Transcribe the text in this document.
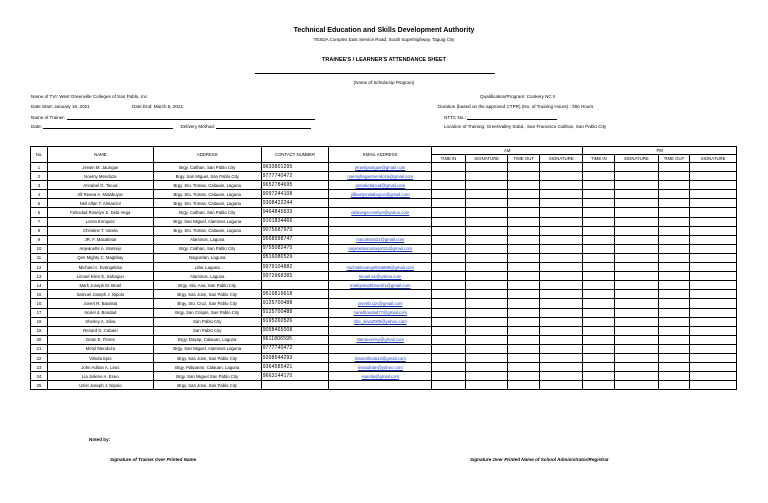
Technical Education and Skills Development Authority
TESDA Complex East Service Road, South Superhighway, Taguig City
TRAINEE'S / LEARNER'S ATTENDANCE SHEET
(Name of Scholarsip Program)
Name of TVI: West Greenville Colleges of San Pablo, Inc.
Date Start: January 19, 2021	Date End: March 5, 2021
Name of Trainer:
Date:	Delivery Method:
Qualification/Program: Cookery NC II
Duration (based on the approved CTPR) (No. of Training Hours) : 360 Hours
NTTC No.:
Location of Training: Greenvalley Subd., San Francisco Calihan, San Pablo City
No.	NAME	ADDRESS	CONTACT NUMBER	EMAIL ADDRESS	AM				PM			
					TIME IN	SIGNATURE	TIME OUT	SIGNATURE	TIME IN	SIGNATURE	TIME OUT	SIGNATURE
1	Jerwin M. Jaurigue	Brgy. Calihan, San Pablo City	9633801295	jerwinjaurigue@gmail.com								
2	Noemy Mendoza	Brgy. San Miguel, San Pablo City	9777740472	noemyllagasmendoza@gmail.com								
3	Annabel G. Tacud	Brgy. Sto. Tomas, Calauan, Laguna	9652784695	annabeltacud@gmail.com								
4	Jill Reana A. Malabuyoc	Brgy. Sto. Tomas, Calauan, Laguna	9097244108	jillbastymalabuyoc@gmail.com								
5	Neil Allan T. Almanzor	Brgy. Sto. Tomas, Calauan, Laguna	9308422244									
6	Felicidad Roselyn S. Dela Vega	Brgy. Calihan, San Pablo City	9464845633	delavega-roselyn@yahoo.com								
7	Lorna Enriquez	Brgy. San Miguel, Alaminos Laguna	9101834466									
8	Christine T. Varela	Brgy. Sto. Tomas, Calauan, Laguna	9075687970									
9	JR. F. Macalintal	Alaminos, Laguna	9568998747	macalintal21@gmail.com								
10	Anjeanette A. Montejo	Brgy. Calihan, San Pablo City	9755082470	anjanettemontejo011@gmail.com								
11	Qen Mighty C. Magtibay	Nagcarlan, Laguna	9516080529									
12	Michael A. Evangelista	Liliw, Laguna	9979104882	michaelevangelista888@gmail.com								
13	Limuel Klien E. Sahagun	Alaminos, Laguna	9972968385	limuel.s1@yahoo.com								
14	Mark Joseph M. Bruel	Brgy. Sta. Ana, San Pablo City		markjosephbruel21@gmail.com								
15	Samuel Joseph J. Nipolo	Brgy. San Jose, San Pablo City	9519819618									
16	Jovert R. Bautista	Brgy. Sto. Cruz, San Pablo City	9125700488	jovertb.cpc@gmail.com								
17	Noriel d. Bondad	Brgy. San Crispin, San Pablo City	9125700488	norielbondad77@gmail.com								
18	Sherley A. Silva	San Pablo City	9195260526	she_silva2005@yahoo.com								
19	Renard D. Cabael	San Pablo City	9058465008									
20	Gean E. Flores	Brgy. Dayap, Calauan, Laguna	9611806595	stanreverley@gmail.com								
21	Meryl Mendoza	Brgy. San Miguel, Alaminos Laguna	9777740472									
22	Vilinda Epis	Brgy. San Jose, San Pablo City	9208544293	limaevilinda14@gmail.com								
23	John Adrian A. Leus	Brgy. Paliparan, Calauan, Laguna	9364585421	leusadrian@yahoo.com								
24	Lia Juliene A. Eseo	Brgy. San Miguel San Pablo City	9663144170	eseolia@gmail.com								
25	Uziel Joseph J. Nipolo	Brgy. San Jose, San Pablo City										
Noted by:
Signature of Trainer Over Printed Name	Signature Over Printed Name of School Administrator/Registrar
